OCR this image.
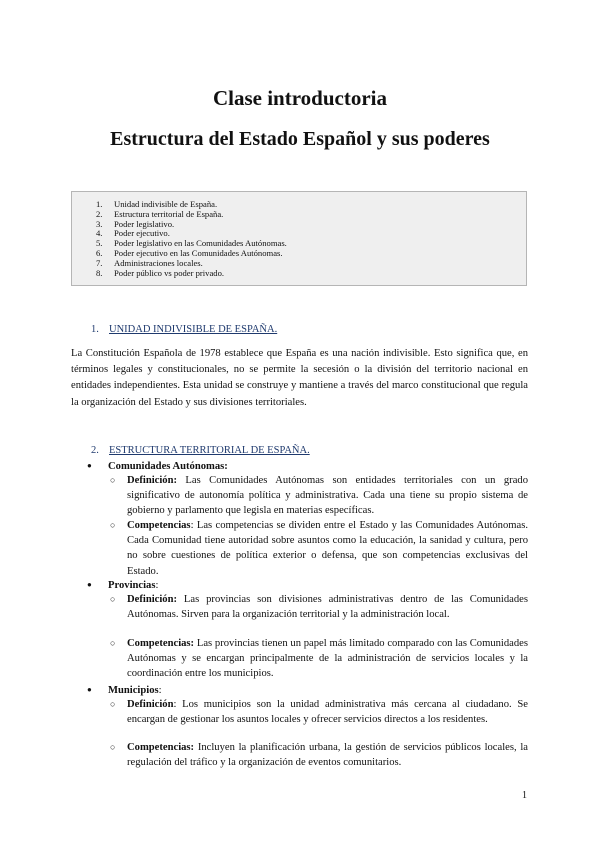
Clase introductoria
Estructura del Estado Español y sus poderes
1. Unidad indivisible de España.
2. Estructura territorial de España.
3. Poder legislativo.
4. Poder ejecutivo.
5. Poder legislativo en las Comunidades Autónomas.
6. Poder ejecutivo en las Comunidades Autónomas.
7. Administraciones locales.
8. Poder público vs poder privado.

1. UNIDAD INDIVISIBLE DE ESPAÑA.

La Constitución Española de 1978 establece que España es una nación indivisible. Esto significa que, en términos legales y constitucionales, no se permite la secesión o la división del territorio nacional en entidades independientes. Esta unidad se construye y mantiene a través del marco constitucional que regula la organización del Estado y sus divisiones territoriales.

2. ESTRUCTURA TERRITORIAL DE ESPAÑA.

● Comunidades Autónomas:

○ Definición: Las Comunidades Autónomas son entidades territoriales con un grado significativo de autonomía política y administrativa. Cada una tiene su propio sistema de gobierno y parlamento que legisla en materias específicas.

○ Competencias: Las competencias se dividen entre el Estado y las Comunidades Autónomas. Cada Comunidad tiene autoridad sobre asuntos como la educación, la sanidad y cultura, pero no sobre cuestiones de política exterior o defensa, que son competencias exclusivas del Estado.

● Provincias:

○ Definición: Las provincias son divisiones administrativas dentro de las Comunidades Autónomas. Sirven para la organización territorial y la administración local.

○ Competencias: Las provincias tienen un papel más limitado comparado con las Comunidades Autónomas y se encargan principalmente de la administración de servicios locales y la coordinación entre los municipios.

● Municipios:

○ Definición: Los municipios son la unidad administrativa más cercana al ciudadano. Se encargan de gestionar los asuntos locales y ofrecer servicios directos a los residentes.

○ Competencias: Incluyen la planificación urbana, la gestión de servicios públicos locales, la regulación del tráfico y la organización de eventos comunitarios.

1
